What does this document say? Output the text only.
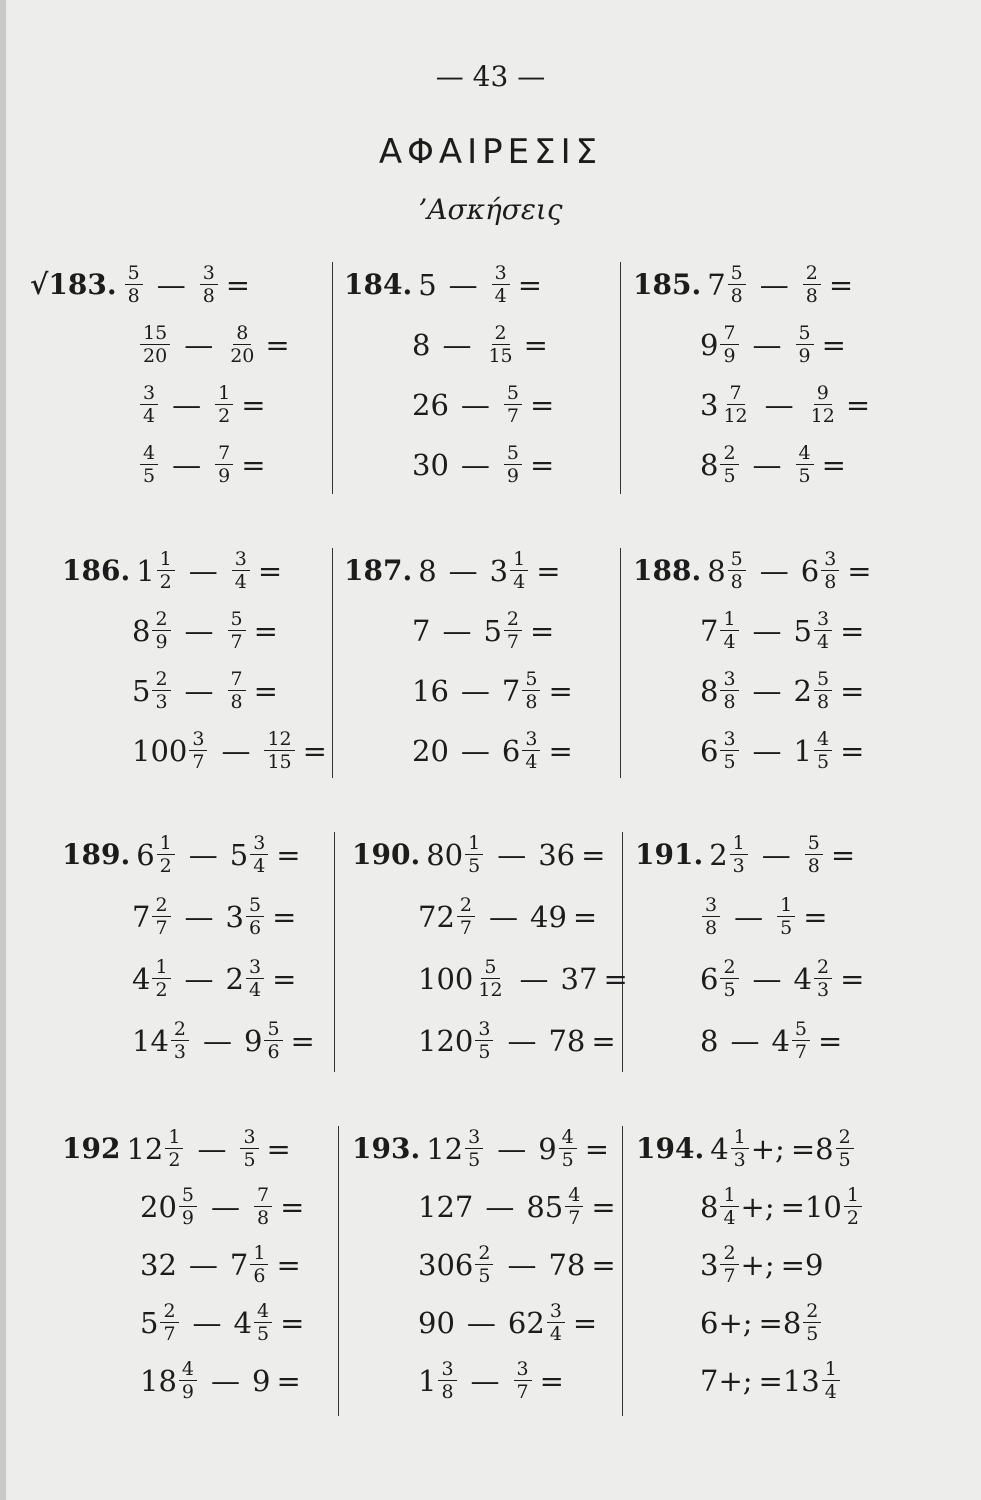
— 43 —
ΑΦΑΙΡΕΣΙΣ
’Ασκήσεις
√183. $\frac{5}{8}$ — $\frac{3}{8}$ =
$\frac{15}{20}$ — $\frac{8}{20}$ =
$\frac{3}{4}$ — $\frac{1}{2}$ =
$\frac{4}{5}$ — $\frac{7}{9}$ =
184. 5 — $\frac{3}{4}$ =
8 — $\frac{2}{15}$ =
26 — $\frac{5}{7}$ =
30 — $\frac{5}{9}$ =
185. $7 \frac{5}{8}$ — $\frac{2}{8}$ =
$9 \frac{7}{9}$ — $\frac{5}{9}$ =
$3 \frac{7}{12}$ — $\frac{9}{12}$ =
$8 \frac{2}{5}$ — $\frac{4}{5}$ =
186. $1 \frac{1}{2}$ — $\frac{3}{4}$ =
$8 \frac{2}{9}$ — $\frac{5}{7}$ =
$5 \frac{2}{3}$ — $\frac{7}{8}$ =
$100 \frac{3}{7}$ — $\frac{12}{15}$ =
187. 8 — $3 \frac{1}{4}$ =
7 — $5 \frac{2}{7}$ =
16 — $7 \frac{5}{8}$ =
20 — $6 \frac{3}{4}$ =
188. $8 \frac{5}{8}$ — $6 \frac{3}{8}$ =
$7 \frac{1}{4}$ — $5 \frac{3}{4}$ =
$8 \frac{3}{8}$ — $2 \frac{5}{8}$ =
$6 \frac{3}{5}$ — $1 \frac{4}{5}$ =
189. $6 \frac{1}{2}$ — $5 \frac{3}{4}$ =
$7 \frac{2}{7}$ — $3 \frac{5}{6}$ =
$4 \frac{1}{2}$ — $2 \frac{3}{4}$ =
$14 \frac{2}{3}$ — $9 \frac{5}{6}$ =
190. $80 \frac{1}{5}$ — 36 =
$72 \frac{2}{7}$ — 49 =
$100 \frac{5}{12}$ — 37 =
$120 \frac{3}{5}$ — 78 =
191. $2 \frac{1}{3}$ — $\frac{5}{8}$ =
$\frac{3}{8}$ — $\frac{1}{5}$ =
$6 \frac{2}{5}$ — $4 \frac{2}{3}$ =
8 — $4 \frac{5}{7}$ =
192 $12 \frac{1}{2}$ — $\frac{3}{5}$ =
$20 \frac{5}{9}$ — $\frac{7}{8}$ =
32 — $7 \frac{1}{6}$ =
$5 \frac{2}{7}$ — $4 \frac{4}{5}$ =
$18 \frac{4}{9}$ — 9 =
193. $12 \frac{3}{5}$ — $9 \frac{4}{5}$ =
127 — $85 \frac{4}{7}$ =
$306 \frac{2}{5}$ — 78 =
90 — $62 \frac{3}{4}$ =
$1 \frac{3}{8}$ — $\frac{3}{7}$ =
194. $4 \frac{1}{3}$ +; = $8 \frac{2}{5}$
$8 \frac{1}{4}$ +; = $10 \frac{1}{2}$
$3 \frac{2}{7}$ +; = 9
6 +; = $8 \frac{2}{5}$
7 +; = $13 \frac{1}{4}$
